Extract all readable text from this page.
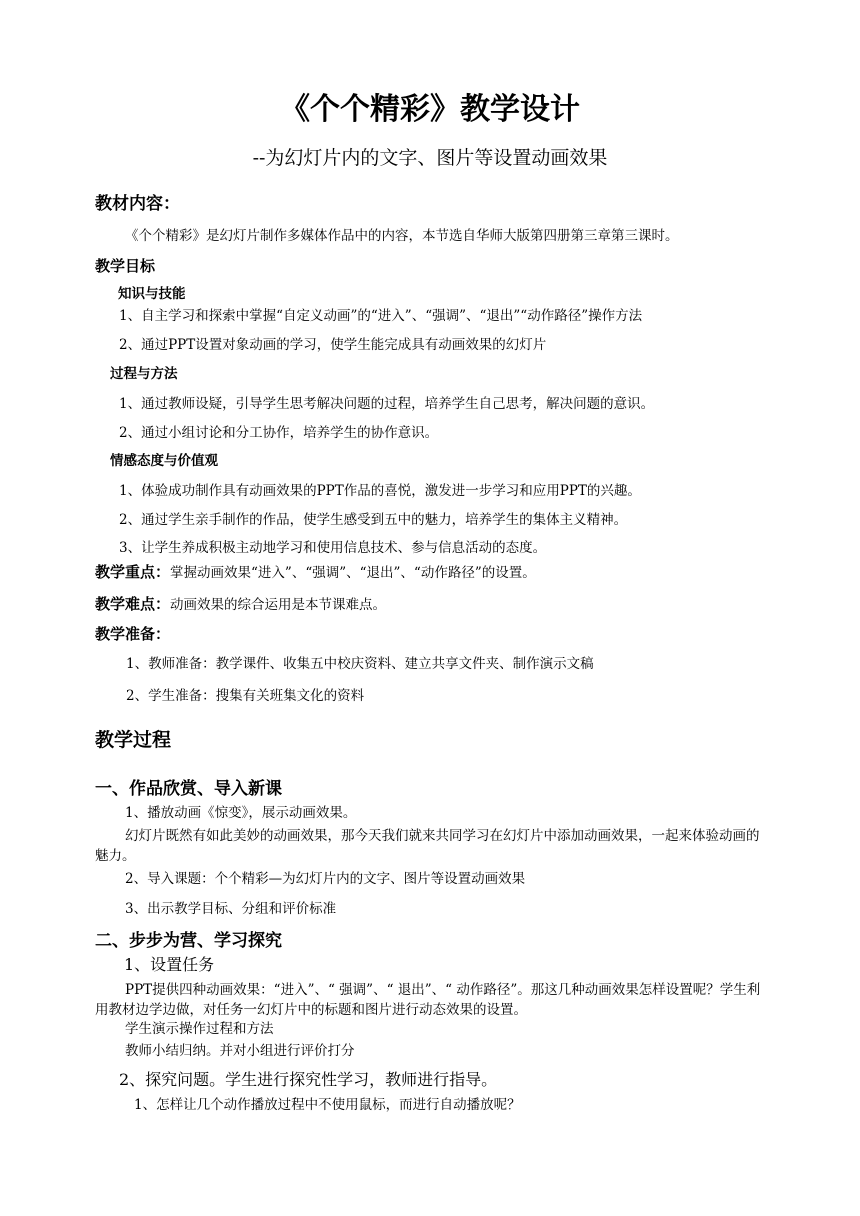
《个个精彩》教学设计
--为幻灯片内的文字、图片等设置动画效果
教材内容：
《个个精彩》是幻灯片制作多媒体作品中的内容，本节选自华师大版第四册第三章第三课时。
教学目标
知识与技能
1、自主学习和探索中掌握“自定义动画”的“进入”、“强调”、“退出”“动作路径”操作方法
2、通过PPT设置对象动画的学习，使学生能完成具有动画效果的幻灯片
过程与方法
1、通过教师设疑，引导学生思考解决问题的过程，培养学生自己思考，解决问题的意识。
2、通过小组讨论和分工协作，培养学生的协作意识。
情感态度与价值观
1、体验成功制作具有动画效果的PPT作品的喜悦，激发进一步学习和应用PPT的兴趣。
2、通过学生亲手制作的作品，使学生感受到五中的魅力，培养学生的集体主义精神。
3、让学生养成积极主动地学习和使用信息技术、参与信息活动的态度。
教学重点：掌握动画效果“进入”、“强调”、“退出”、“动作路径”的设置。
教学难点：动画效果的综合运用是本节课难点。
教学准备：
1、教师准备：教学课件、收集五中校庆资料、建立共享文件夹、制作演示文稿
2、学生准备：搜集有关班集文化的资料
教学过程
一、作品欣赏、导入新课
1、播放动画《惊变》，展示动画效果。
幻灯片既然有如此美妙的动画效果，那今天我们就来共同学习在幻灯片中添加动画效果，一起来体验动画的魅力。
2、导入课题：个个精彩—为幻灯片内的文字、图片等设置动画效果
3、出示教学目标、分组和评价标准
二、步步为营、学习探究
1、设置任务
PPT提供四种动画效果：“进入”、“ 强调”、“ 退出”、“ 动作路径”。那这几种动画效果怎样设置呢？学生利用教材边学边做，对任务一幻灯片中的标题和图片进行动态效果的设置。
学生演示操作过程和方法
教师小结归纳。并对小组进行评价打分
2、探究问题。学生进行探究性学习，教师进行指导。
1、怎样让几个动作播放过程中不使用鼠标，而进行自动播放呢？
